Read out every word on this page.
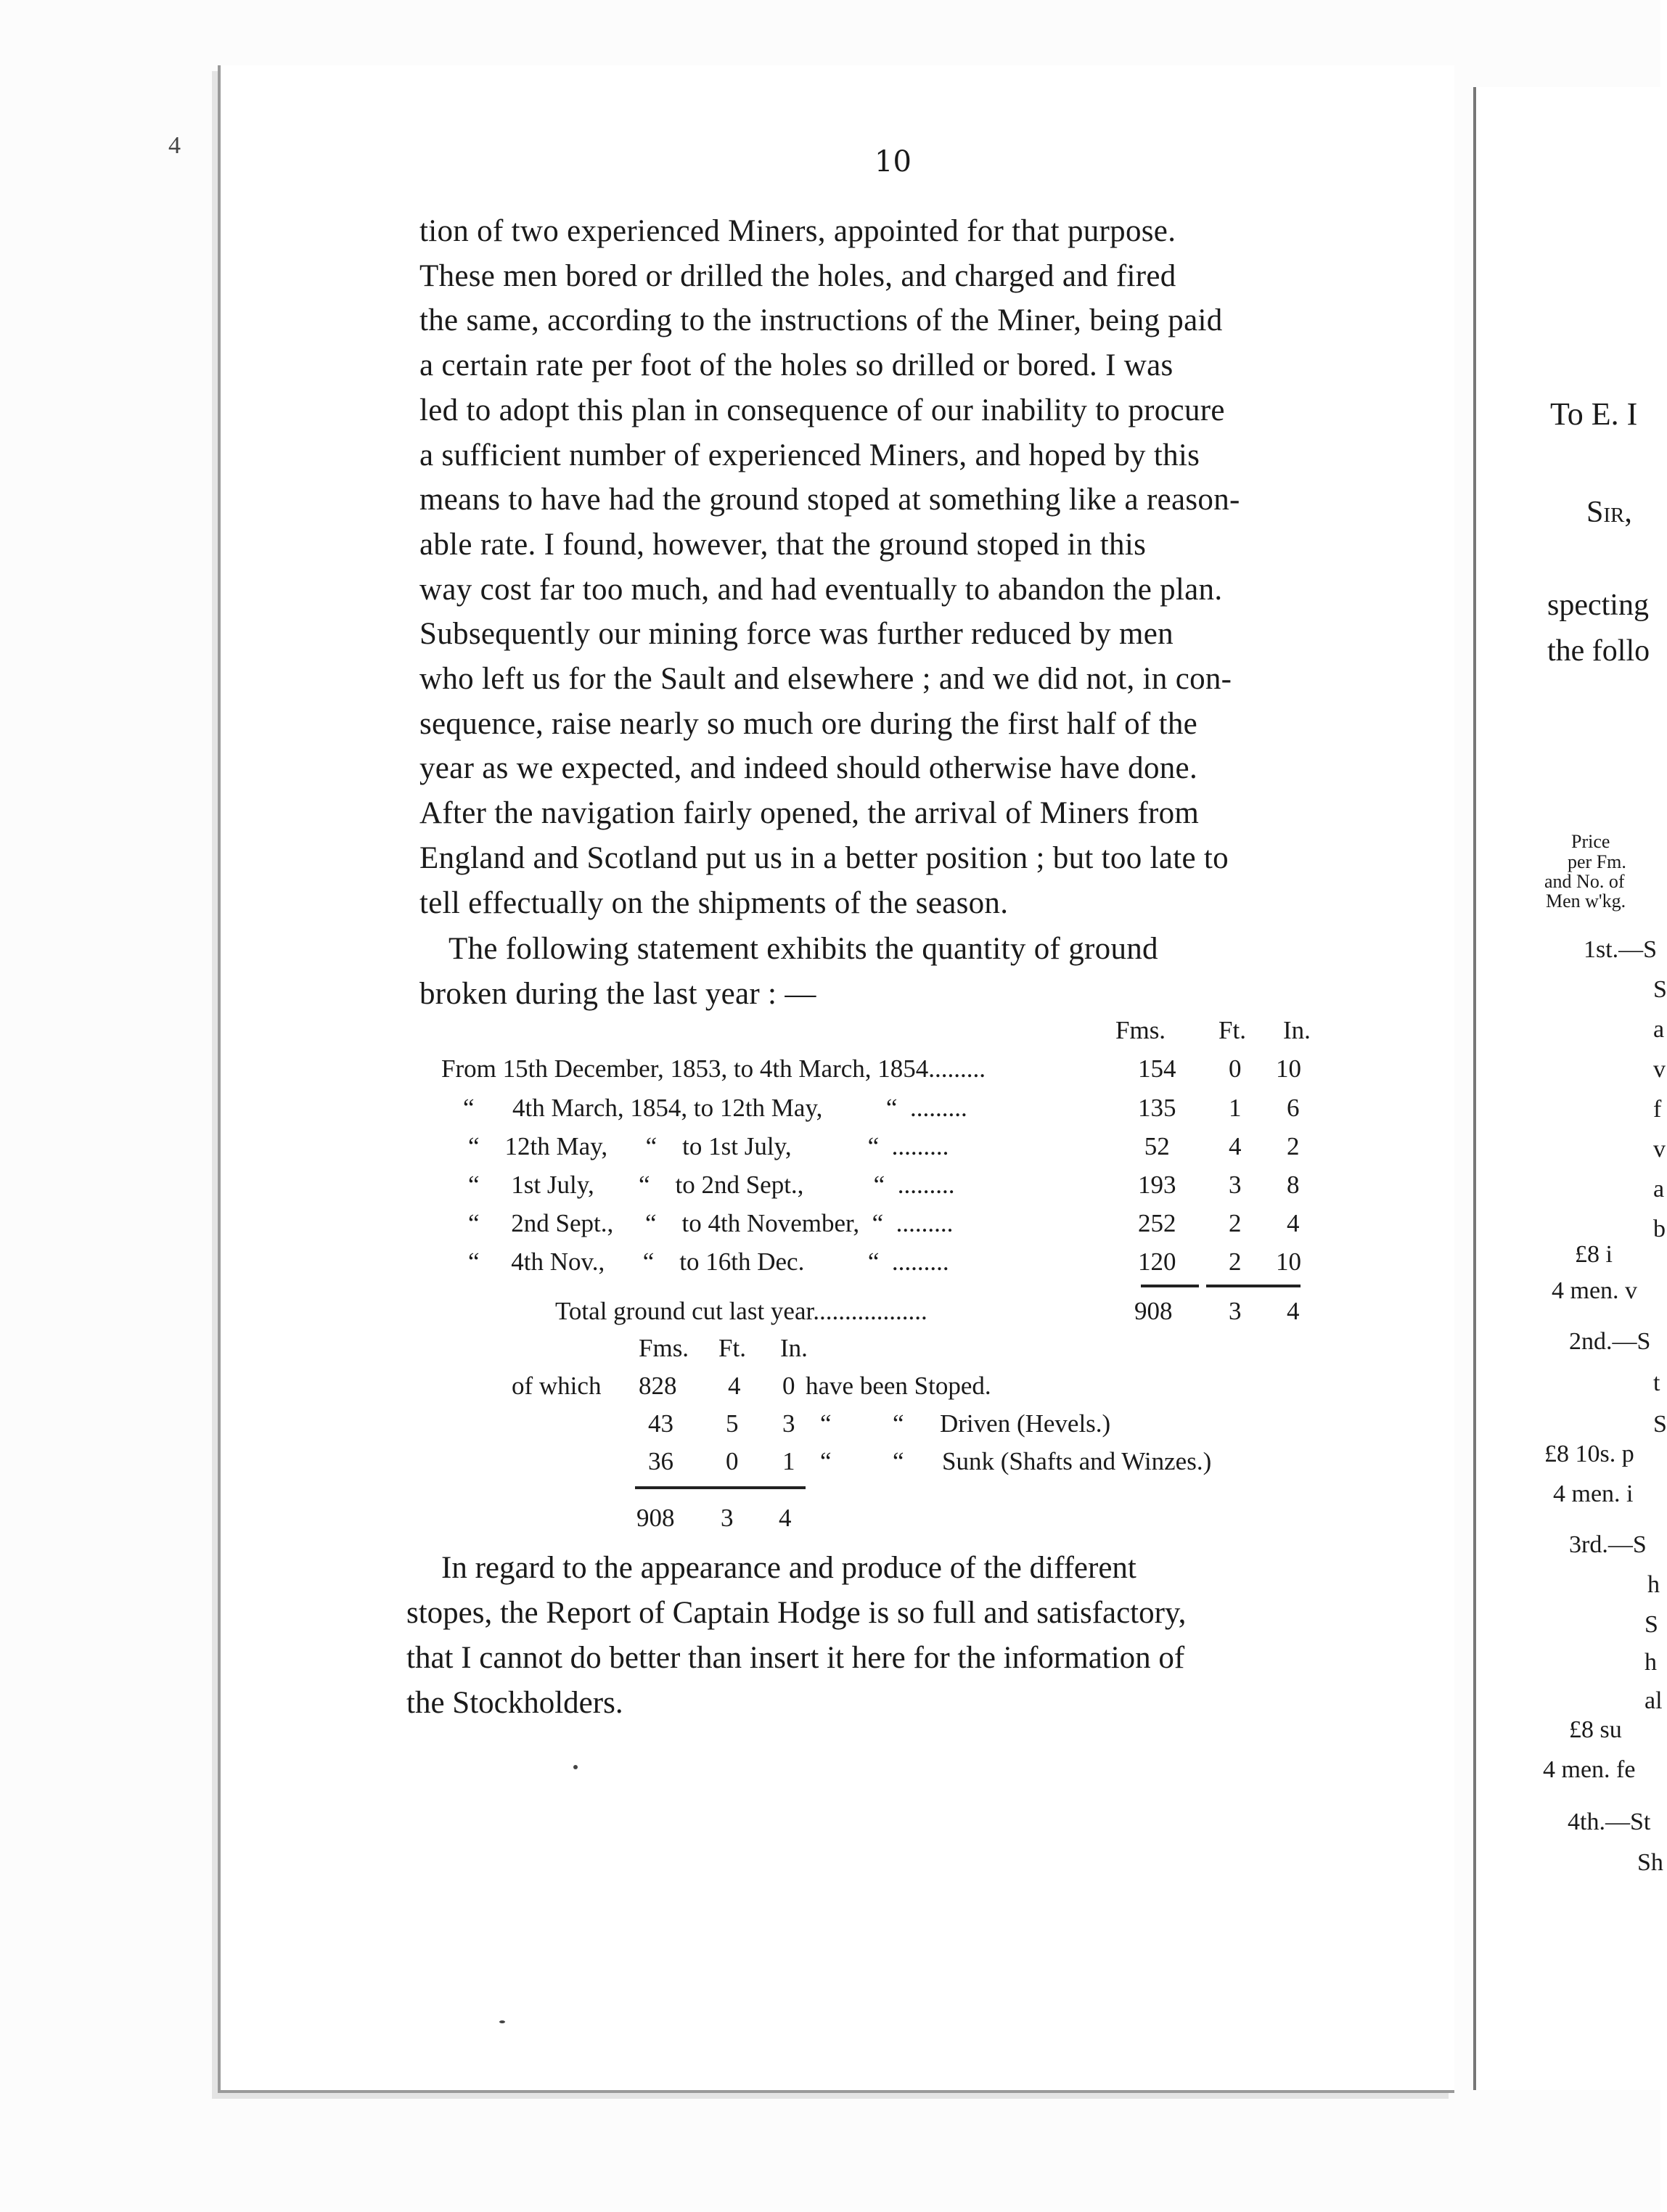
4	10
tion of two experienced Miners, appointed for that purpose.
These men bored or drilled the holes, and charged and fired
the same, according to the instructions of the Miner, being paid
a certain rate per foot of the holes so drilled or bored. I was
led to adopt this plan in consequence of our inability to procure
a sufficient number of experienced Miners, and hoped by this
means to have had the ground stoped at something like a reason-
able rate. I found, however, that the ground stoped in this
way cost far too much, and had eventually to abandon the plan.
Subsequently our mining force was further reduced by men
who left us for the Sault and elsewhere ; and we did not, in con-
sequence, raise nearly so much ore during the first half of the
year as we expected, and indeed should otherwise have done.
After the navigation fairly opened, the arrival of Miners from
England and Scotland put us in a better position ; but too late to
tell effectually on the shipments of the season.
The following statement exhibits the quantity of ground
broken during the last year : —
Fms. Ft. In.
From 15th December, 1853, to 4th March, 1854.........	154 0 10
“      4th March, 1854, to 12th May,          “  .........	135 1 6
“    12th May,      “    to 1st July,            “  .........	52 4 2
“     1st July,       “    to 2nd Sept.,           “  .........	193 3 8
“     2nd Sept.,     “    to 4th November,  “  .........	252 2 4
“     4th Nov.,      “    to 16th Dec.          “  .........	120 2 10
Total ground cut last year..................	908 3 4
Fms. Ft. In.
of which 828 4 0 have been Stoped.
43 5 3 “ “ Driven (Hevels.)
36 0 1 “ “ Sunk (Shafts and Winzes.)
908 3 4
In regard to the appearance and produce of the different
stopes, the Report of Captain Hodge is so full and satisfactory,
that I cannot do better than insert it here for the information of
the Stockholders.
To E. I
Sir,
specting
the follo
Price
per Fm.
and No. of
Men w'kg.
1st.—S
S
a
v
f
v
a
b
£8 i
4 men. v
2nd.—S
t
S
£8 10s. p
4 men. i
3rd.—S
h
S
h
al
£8 su
4 men. fe
4th.—St
Sh
